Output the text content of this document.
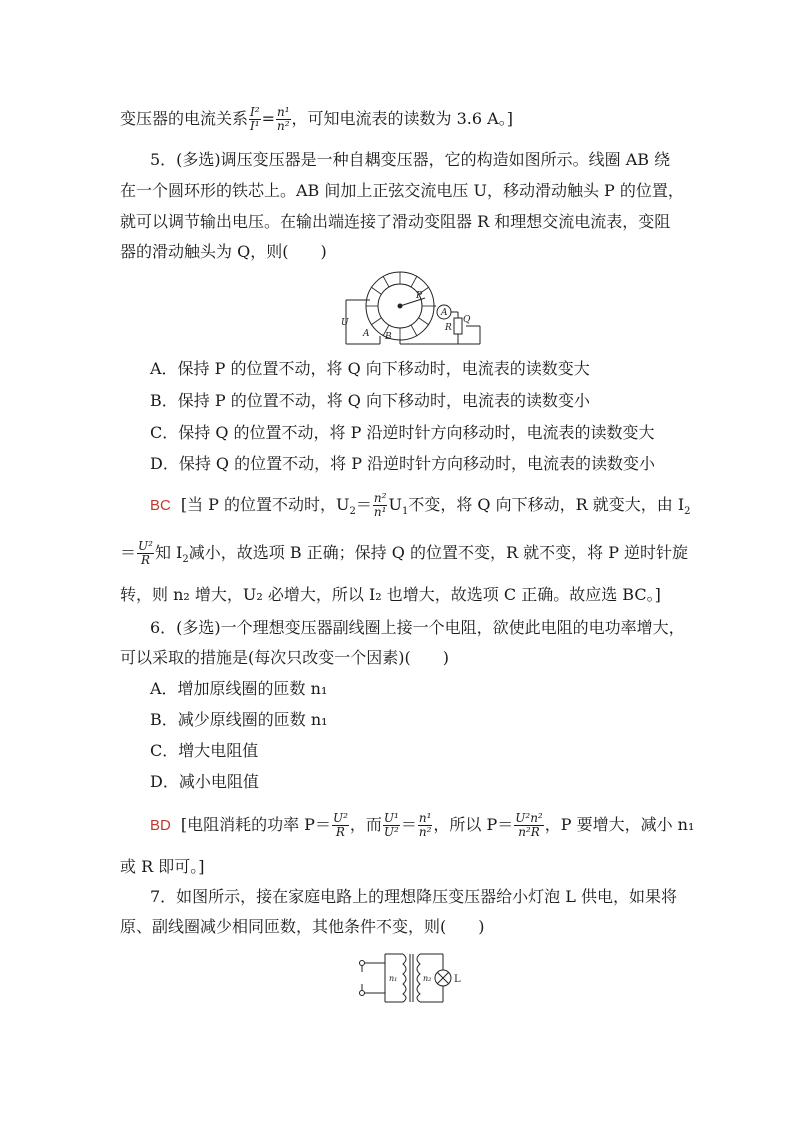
变压器的电流关系 $\frac{\text{I²}}{\text{I¹}} = \frac{\text{n¹}}{\text{n²}}$ ，可知电流表的读数为 3.6 A。]
5．(多选)调压变压器是一种自耦变压器，它的构造如图所示。线圈 AB 绕
在一个圆环形的铁芯上。AB 间加上正弦交流电压 U，移动滑动触头 P 的位置，
就可以调节输出电压。在输出端连接了滑动变阻器 R 和理想交流电流表，变阻
器的滑动触头为 Q，则(　　)
A
P
Q
R
U
A B
A．保持 P 的位置不动，将 Q 向下移动时，电流表的读数变大
B．保持 P 的位置不动，将 Q 向下移动时，电流表的读数变小
C．保持 Q 的位置不动，将 P 沿逆时针方向移动时，电流表的读数变大
D．保持 Q 的位置不动，将 P 沿逆时针方向移动时，电流表的读数变小
BC [当 P 的位置不动时，$U_2= \frac{\text{n²}}{\text{n¹}} U_1$不变，将 Q 向下移动，R 就变大，由 $I_2$
＝ $\frac{\text{U²}}{R}$ 知 $I_2$减小，故选项 B 正确；保持 Q 的位置不变，R 就不变，将 P 逆时针旋
转，则 n₂ 增大，U₂ 必增大，所以 I₂ 也增大，故选项 C 正确。故应选 BC。]
6．(多选)一个理想变压器副线圈上接一个电阻，欲使此电阻的电功率增大，
可以采取的措施是(每次只改变一个因素)(　　)
A．增加原线圈的匝数 n₁
B．减少原线圈的匝数 n₁
C．增大电阻值
D．减小电阻值
BD [电阻消耗的功率 $P= \frac{\text{U²}}{R}$ ，而 $\frac{\text{U¹}}{\text{U²}} = \frac{\text{n¹}}{\text{n²}}$ ，所以 $P= \frac{\text{U²n²}}{\text{n²R}}$ ，P 要增大，减小 n₁
或 R 即可。]
7．如图所示，接在家庭电路上的理想降压变压器给小灯泡 L 供电，如果将
原、副线圈减少相同匝数，其他条件不变，则(　　)
n₁	n₂ L
